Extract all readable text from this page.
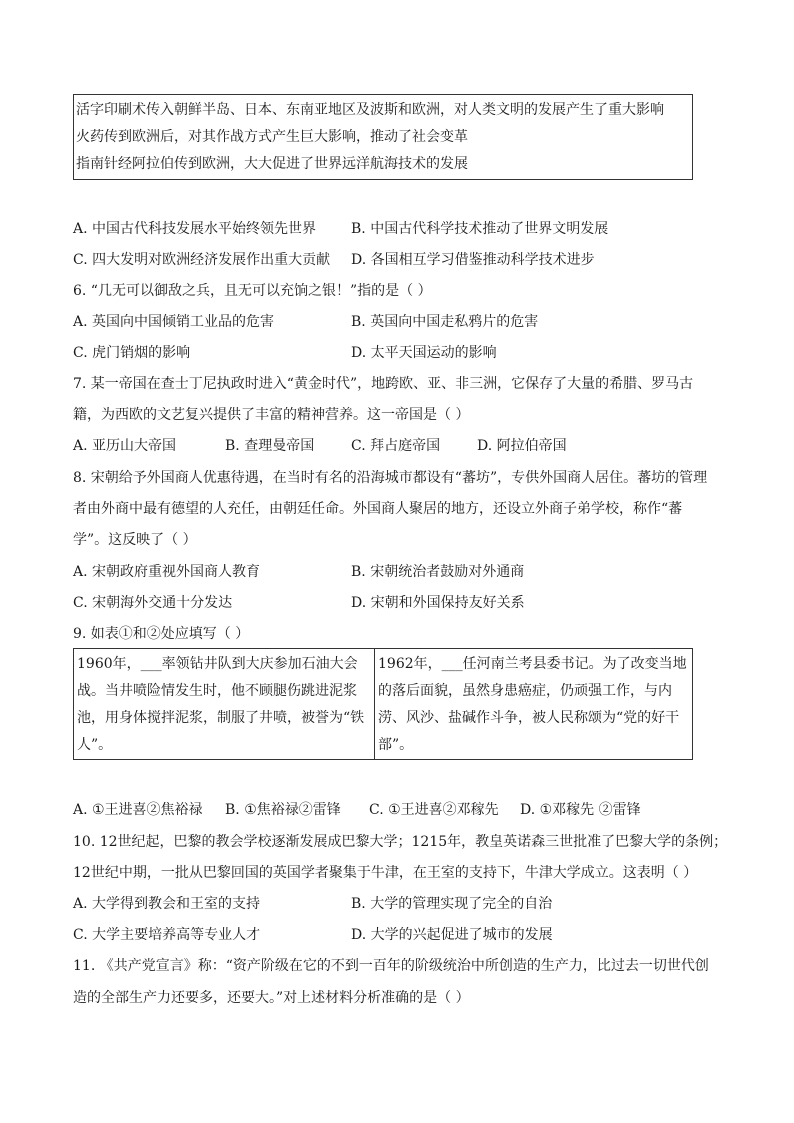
活字印刷术传入朝鲜半岛、日本、东南亚地区及波斯和欧洲，对人类文明的发展产生了重大影响
火药传到欧洲后，对其作战方式产生巨大影响，推动了社会变革
指南针经阿拉伯传到欧洲，大大促进了世界远洋航海技术的发展
A. 中国古代科技发展水平始终领先世界 B. 中国古代科学技术推动了世界文明发展
C. 四大发明对欧洲经济发展作出重大贡献 D. 各国相互学习借鉴推动科学技术进步
6. “几无可以御敌之兵，且无可以充饷之银！”指的是（ ）
A. 英国向中国倾销工业品的危害	B. 英国向中国走私鸦片的危害
C. 虎门销烟的影响	D. 太平天国运动的影响
7. 某一帝国在查士丁尼执政时进入“黄金时代”，地跨欧、亚、非三洲，它保存了大量的希腊、罗马古
籍，为西欧的文艺复兴提供了丰富的精神营养。这一帝国是（ ）
A. 亚历山大帝国	B. 查理曼帝国	C. 拜占庭帝国	D. 阿拉伯帝国
8. 宋朝给予外国商人优惠待遇，在当时有名的沿海城市都设有“蕃坊”，专供外国商人居住。蕃坊的管理
者由外商中最有德望的人充任，由朝廷任命。外国商人聚居的地方，还设立外商子弟学校，称作“蕃
学”。这反映了（ ）
A. 宋朝政府重视外国商人教育	B. 宋朝统治者鼓励对外通商
C. 宋朝海外交通十分发达	D. 宋朝和外国保持友好关系
9. 如表①和②处应填写（ ）
1960年，___率领钻井队到大庆参加石油大会
战。当井喷险情发生时，他不顾腿伤跳进泥浆
池，用身体搅拌泥浆，制服了井喷，被誉为“铁
人”。
1962年，___任河南兰考县委书记。为了改变当地
的落后面貌，虽然身患癌症，仍顽强工作，与内
涝、风沙、盐碱作斗争，被人民称颂为“党的好干
部”。
A. ①王进喜②焦裕禄 B. ①焦裕禄②雷锋 C. ①王进喜②邓稼先 D. ①邓稼先 ②雷锋
10. 12世纪起，巴黎的教会学校逐渐发展成巴黎大学；1215年，教皇英诺森三世批准了巴黎大学的条例；
12世纪中期，一批从巴黎回国的英国学者聚集于牛津，在王室的支持下，牛津大学成立。这表明（ ）
A. 大学得到教会和王室的支持	B. 大学的管理实现了完全的自治
C. 大学主要培养高等专业人才	D. 大学的兴起促进了城市的发展
11. 《共产党宣言》称：“资产阶级在它的不到一百年的阶级统治中所创造的生产力，比过去一切世代创
造的全部生产力还要多，还要大。”对上述材料分析准确的是（ ）
